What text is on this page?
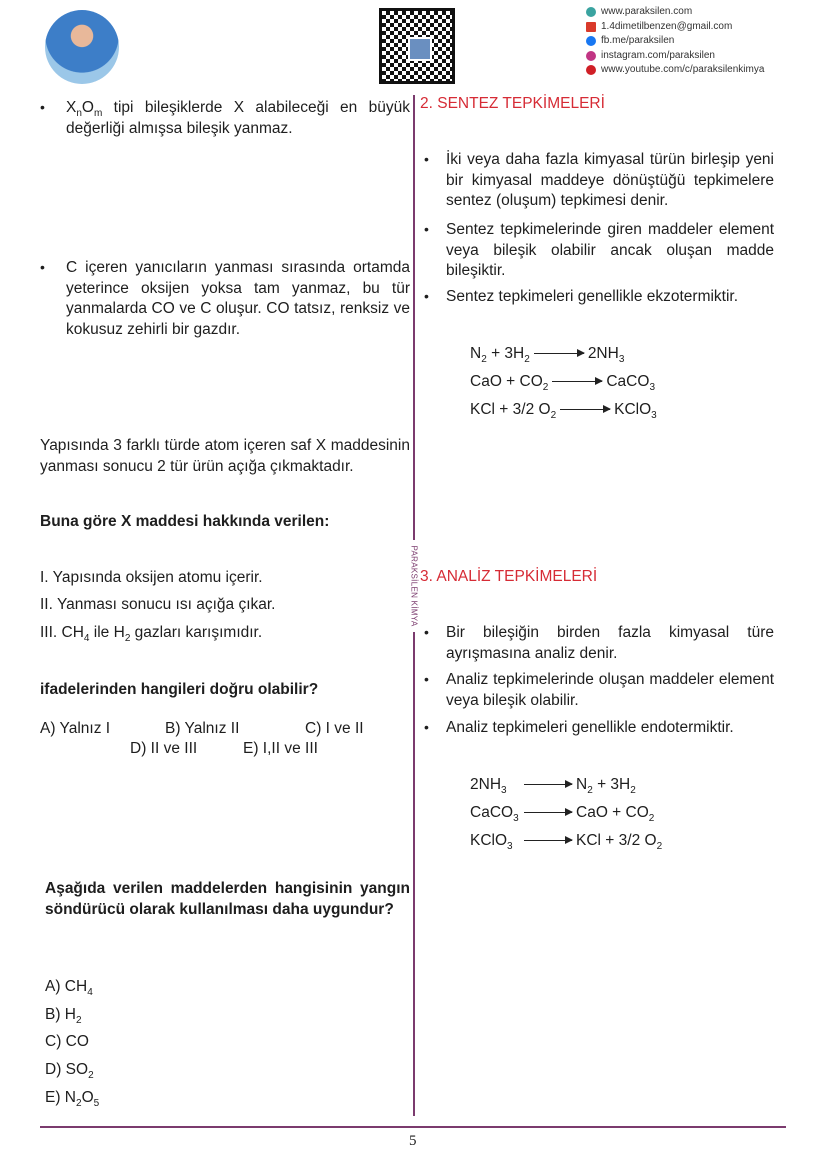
www.paraksilen.com
1.4dimetilbenzen@gmail.com
fb.me/paraksilen
instagram.com/paraksilen
www.youtube.com/c/paraksilenkimya
PARAKSİLEN KİMYA
• $X_nO_m$ tipi bileşiklerde X alabileceği en büyük değerliği almışsa bileşik yanmaz.
• C içeren yanıcıların yanması sırasında ortamda yeterince oksijen yoksa tam yanmaz, bu tür yanmalarda CO ve C oluşur. CO tatsız, renksiz ve kokusuz zehirli bir gazdır.
Yapısında 3 farklı türde atom içeren saf X maddesinin yanması sonucu 2 tür ürün açığa çıkmaktadır.
Buna göre X maddesi hakkında verilen:
I. Yapısında oksijen atomu içerir.
II. Yanması sonucu ısı açığa çıkar.
III. $CH_4$ ile $H_2$ gazları karışımıdır.
ifadelerinden hangileri doğru olabilir?
A) Yalnız I	B) Yalnız II	C) I ve II
D) II ve III	E) I,II ve III
Aşağıda verilen maddelerden hangisinin yangın söndürücü olarak kullanılması daha uygundur?
A) $CH_4$
B) $H_2$
C) CO
D) $SO_2$
E) $N_2O_5$
2. SENTEZ TEPKİMELERİ
• İki veya daha fazla kimyasal türün birleşip yeni bir kimyasal maddeye dönüştüğü tepkimelere sentez (oluşum) tepkimesi denir.
• Sentez tepkimelerinde giren maddeler element veya bileşik olabilir ancak oluşan madde bileşiktir.
• Sentez tepkimeleri genellikle ekzotermiktir.
$N_2 + 3H_2$	$2NH_3$
CaO + $CO_2$	CaCO$_3$
KCl + 3/2 $O_2$	KClO$_3$
3. ANALİZ TEPKİMELERİ
• Bir bileşiğin birden fazla kimyasal türe ayrışmasına analiz denir.
• Analiz tepkimelerinde oluşan maddeler element veya bileşik olabilir.
• Analiz tepkimeleri genellikle endotermiktir.
$2NH_3$	$N_2 + 3H_2$
CaCO$_3$	CaO + $CO_2$
KClO$_3$	KCl + 3/2 $O_2$
5
